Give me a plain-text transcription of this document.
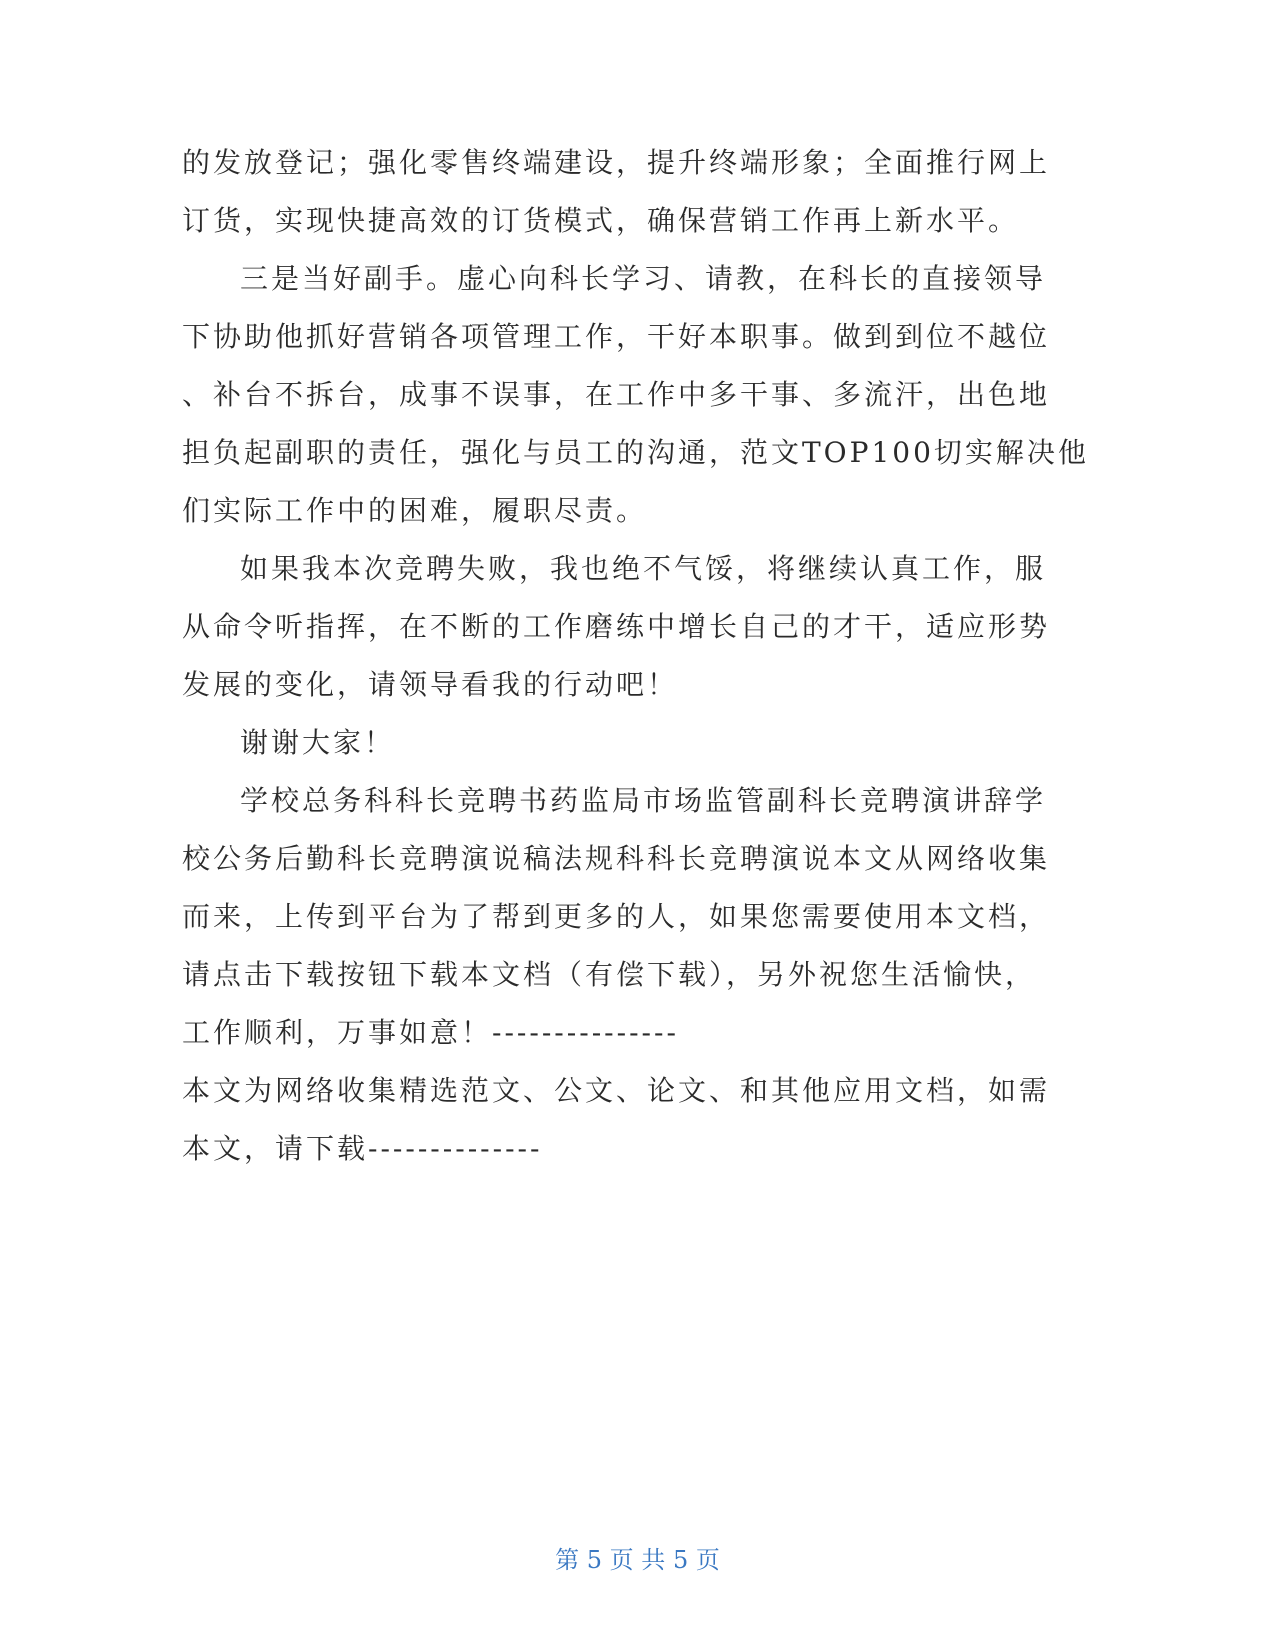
的发放登记；强化零售终端建设，提升终端形象；全面推行网上
订货，实现快捷高效的订货模式，确保营销工作再上新水平。
三是当好副手。虚心向科长学习、请教，在科长的直接领导
下协助他抓好营销各项管理工作，干好本职事。做到到位不越位
、补台不拆台，成事不误事，在工作中多干事、多流汗，出色地
担负起副职的责任，强化与员工的沟通，范文TOP100切实解决他
们实际工作中的困难，履职尽责。
如果我本次竞聘失败，我也绝不气馁，将继续认真工作，服
从命令听指挥，在不断的工作磨练中增长自己的才干，适应形势
发展的变化，请领导看我的行动吧！
谢谢大家！
学校总务科科长竞聘书药监局市场监管副科长竞聘演讲辞学
校公务后勤科长竞聘演说稿法规科科长竞聘演说本文从网络收集
而来，上传到平台为了帮到更多的人，如果您需要使用本文档，
请点击下载按钮下载本文档（有偿下载），另外祝您生活愉快，
工作顺利，万事如意！---------------
本文为网络收集精选范文、公文、论文、和其他应用文档，如需
本文，请下载--------------
第 5 页 共 5 页
